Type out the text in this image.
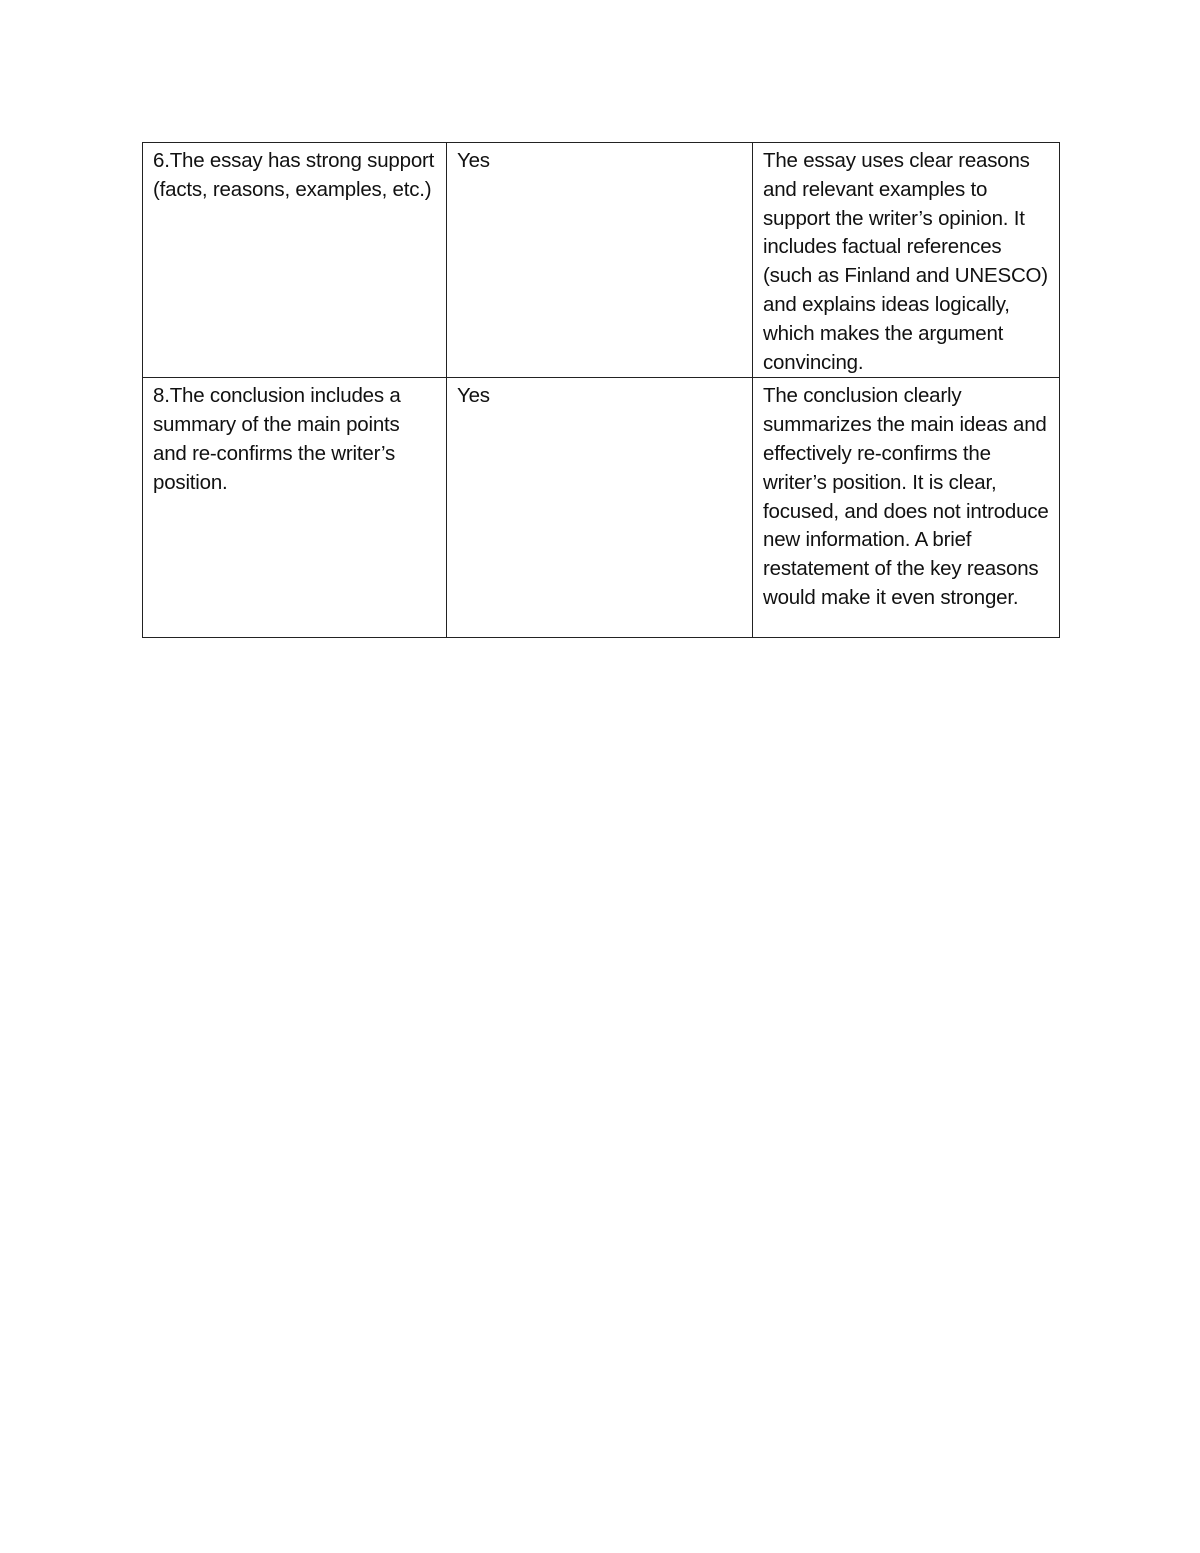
6.The essay has strong support (facts, reasons, examples, etc.)	Yes	The essay uses clear reasons and relevant examples to support the writer’s opinion. It includes factual references (such as Finland and UNESCO) and explains ideas logically, which makes the argument convincing.
8.The conclusion includes a summary of the main points and re-confirms the writer’s position.	Yes	The conclusion clearly summarizes the main ideas and effectively re-confirms the writer’s position. It is clear, focused, and does not introduce new information. A brief restatement of the key reasons would make it even stronger.
